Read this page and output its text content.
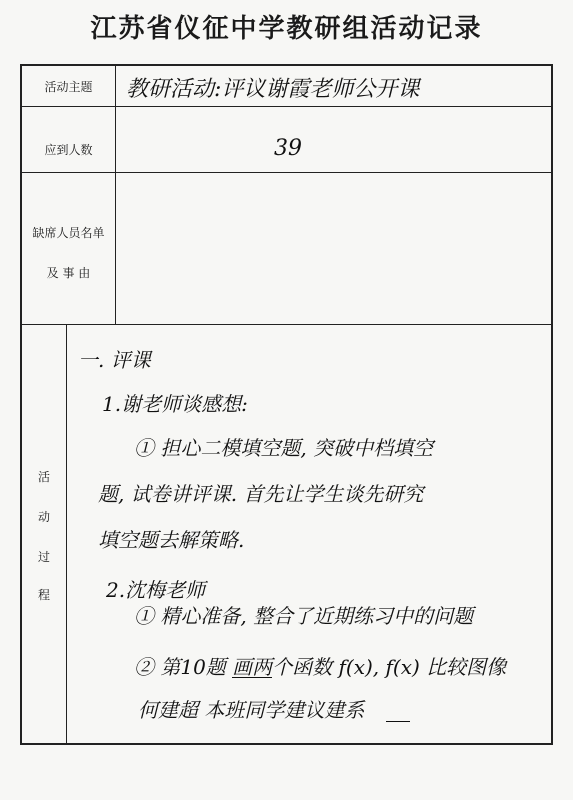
江苏省仪征中学教研组活动记录
活动主题
应到人数
缺席人员名单
及 事 由
活
动
过
程
教研活动:评议谢霞老师公开课
39
一. 评课
1.谢老师谈感想:
① 担心二模填空题, 突破中档填空
题, 试卷讲评课. 首先让学生谈先研究
填空题去解策略.
2.沈梅老师
① 精心准备, 整合了近期练习中的问题
② 第10题 画两个函数 f(x), f(x) 比较图像
何建超 本班同学建议建系
